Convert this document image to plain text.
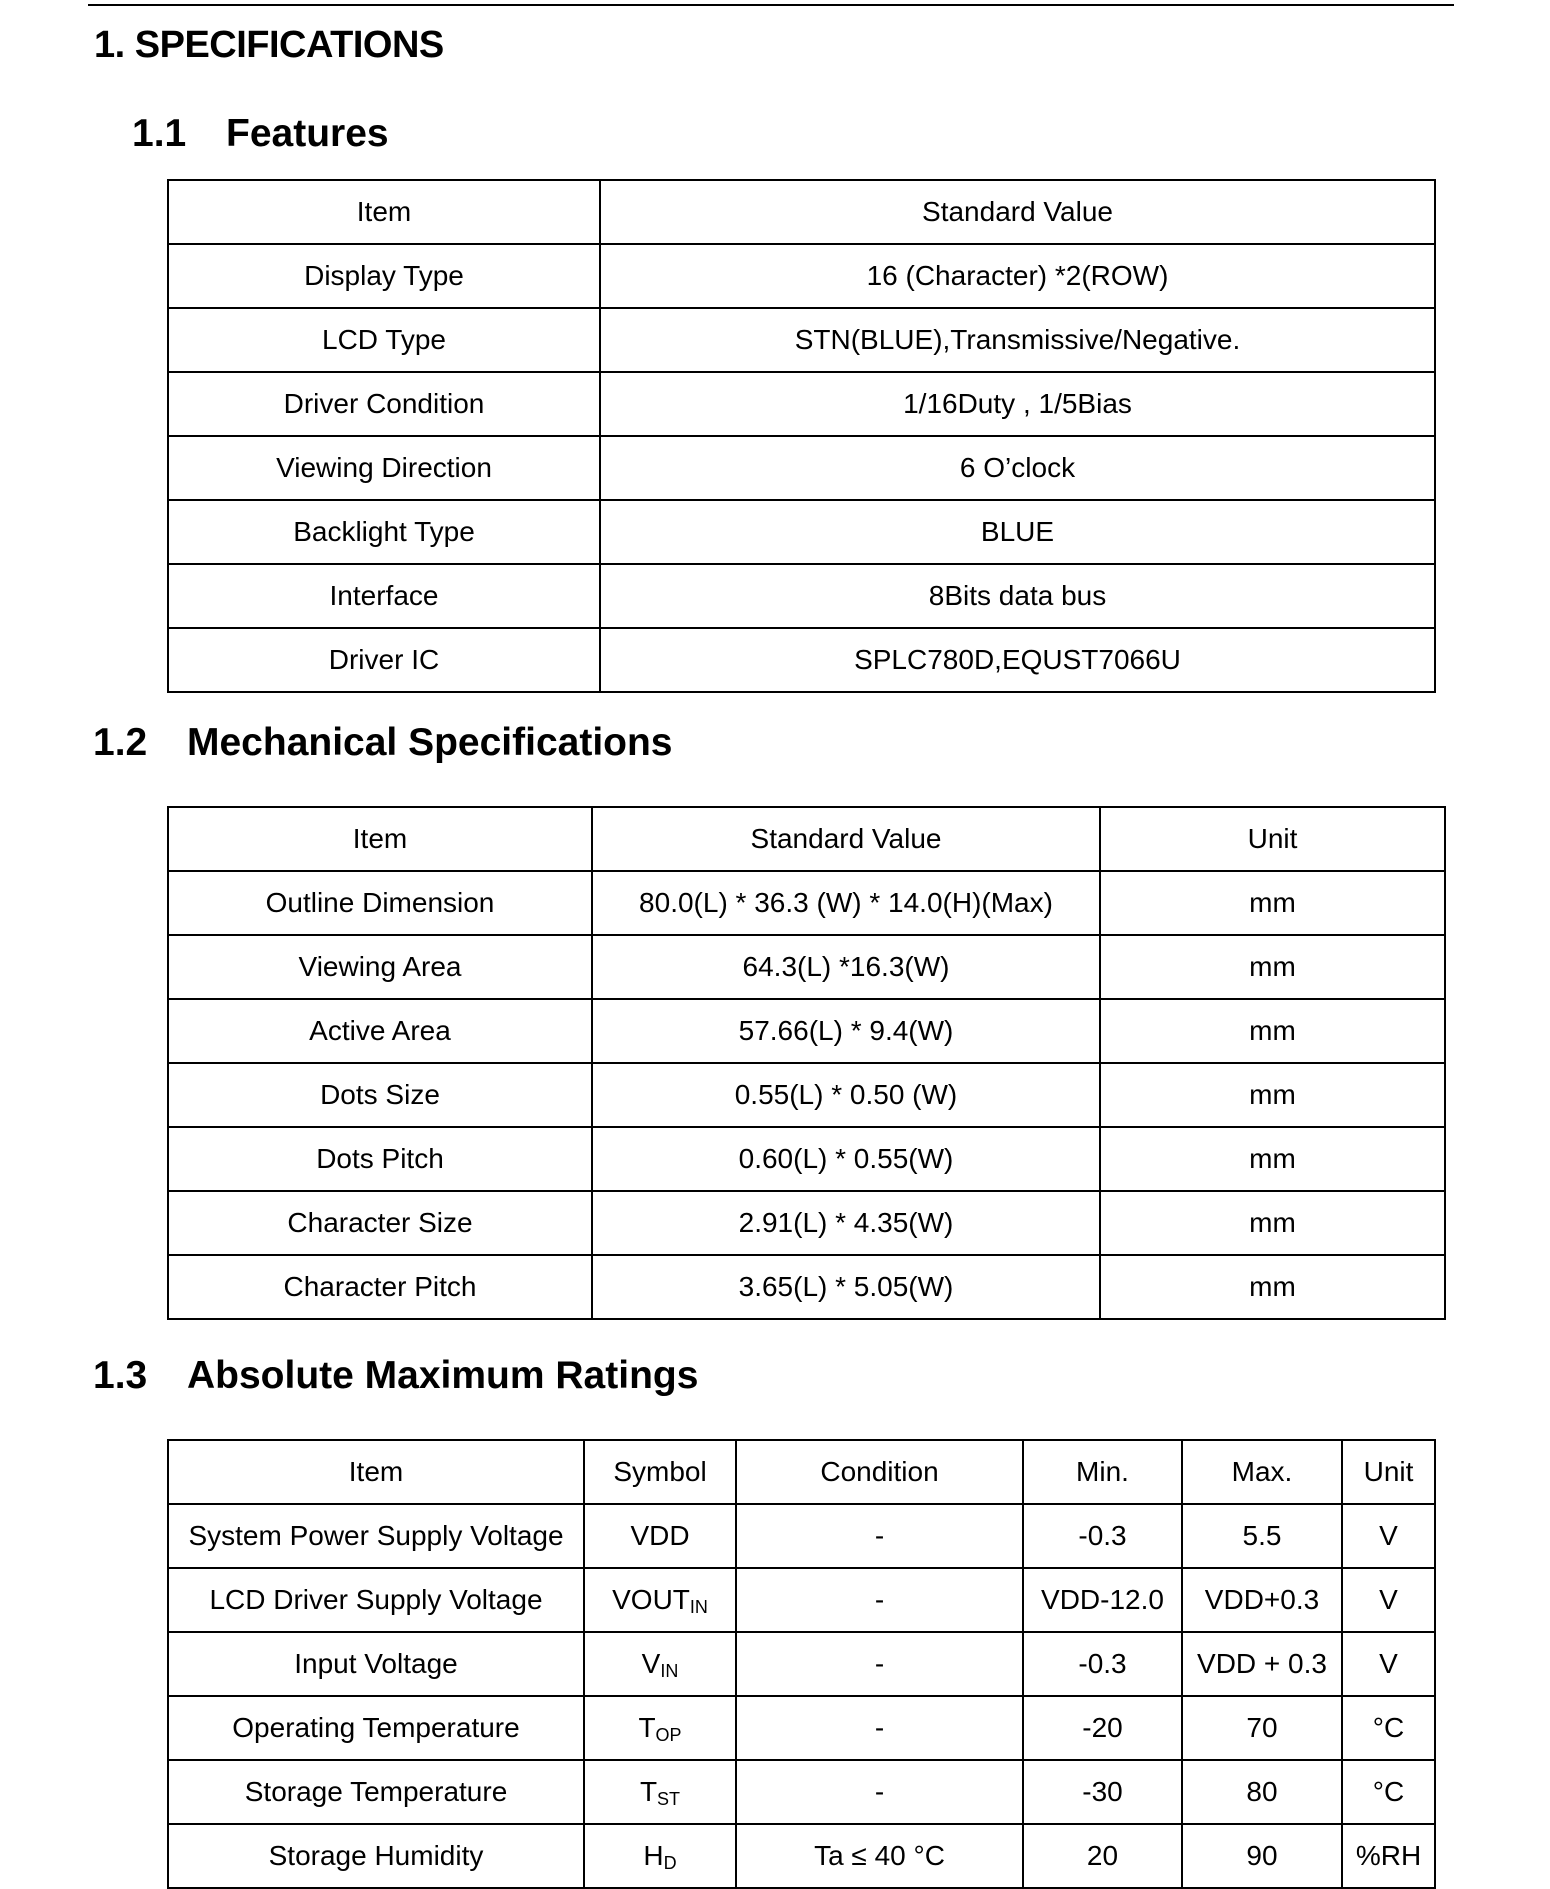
1. SPECIFICATIONS
1.1 Features
Item	Standard Value
Display Type	16 (Character) *2(ROW)
LCD Type	STN(BLUE),Transmissive/Negative.
Driver Condition	1/16Duty , 1/5Bias
Viewing Direction	6 O’clock
Backlight Type	BLUE
Interface	8Bits data bus
Driver IC	SPLC780D,EQUST7066U
1.2 Mechanical Specifications
Item	Standard Value	Unit
Outline Dimension	80.0(L) * 36.3 (W) * 14.0(H)(Max)	mm
Viewing Area	64.3(L) *16.3(W)	mm
Active Area	57.66(L) * 9.4(W)	mm
Dots Size	0.55(L) * 0.50 (W)	mm
Dots Pitch	0.60(L) * 0.55(W)	mm
Character Size	2.91(L) * 4.35(W)	mm
Character Pitch	3.65(L) * 5.05(W)	mm
1.3 Absolute Maximum Ratings
Item	Symbol	Condition	Min.	Max.	Unit
System Power Supply Voltage	VDD	-	-0.3	5.5	V
LCD Driver Supply Voltage	$VOUT_{IN}$	-	VDD-12.0	VDD+0.3	V
Input Voltage	$V_{IN}$	-	-0.3	VDD + 0.3	V
Operating Temperature	$T_{OP}$	-	-20	70	°C
Storage Temperature	$T_{ST}$	-	-30	80	°C
Storage Humidity	$H_D$	Ta ≤ 40 °C	20	90	%RH
